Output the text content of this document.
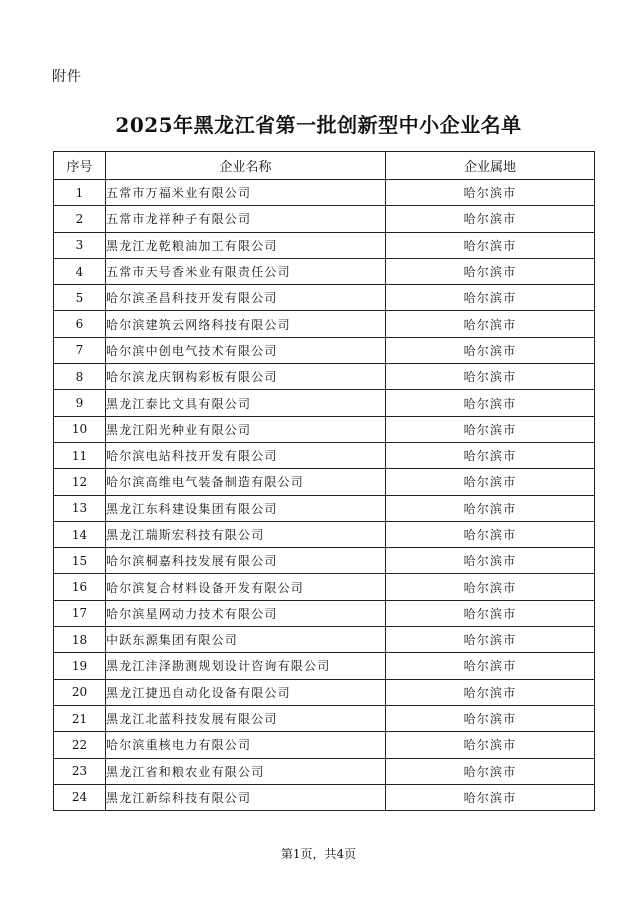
附件
2025年黑龙江省第一批创新型中小企业名单
序号	企业名称	企业属地
1	五常市万福米业有限公司	哈尔滨市
2	五常市龙祥种子有限公司	哈尔滨市
3	黑龙江龙乾粮油加工有限公司	哈尔滨市
4	五常市天号香米业有限责任公司	哈尔滨市
5	哈尔滨圣昌科技开发有限公司	哈尔滨市
6	哈尔滨建筑云网络科技有限公司	哈尔滨市
7	哈尔滨中创电气技术有限公司	哈尔滨市
8	哈尔滨龙庆钢构彩板有限公司	哈尔滨市
9	黑龙江泰比文具有限公司	哈尔滨市
10	黑龙江阳光种业有限公司	哈尔滨市
11	哈尔滨电站科技开发有限公司	哈尔滨市
12	哈尔滨高维电气装备制造有限公司	哈尔滨市
13	黑龙江东科建设集团有限公司	哈尔滨市
14	黑龙江瑞斯宏科技有限公司	哈尔滨市
15	哈尔滨桐嘉科技发展有限公司	哈尔滨市
16	哈尔滨复合材料设备开发有限公司	哈尔滨市
17	哈尔滨星网动力技术有限公司	哈尔滨市
18	中跃东源集团有限公司	哈尔滨市
19	黑龙江沣泽勘测规划设计咨询有限公司	哈尔滨市
20	黑龙江捷迅自动化设备有限公司	哈尔滨市
21	黑龙江北蓝科技发展有限公司	哈尔滨市
22	哈尔滨重核电力有限公司	哈尔滨市
23	黑龙江省和粮农业有限公司	哈尔滨市
24	黑龙江新综科技有限公司	哈尔滨市
第1页，共4页
